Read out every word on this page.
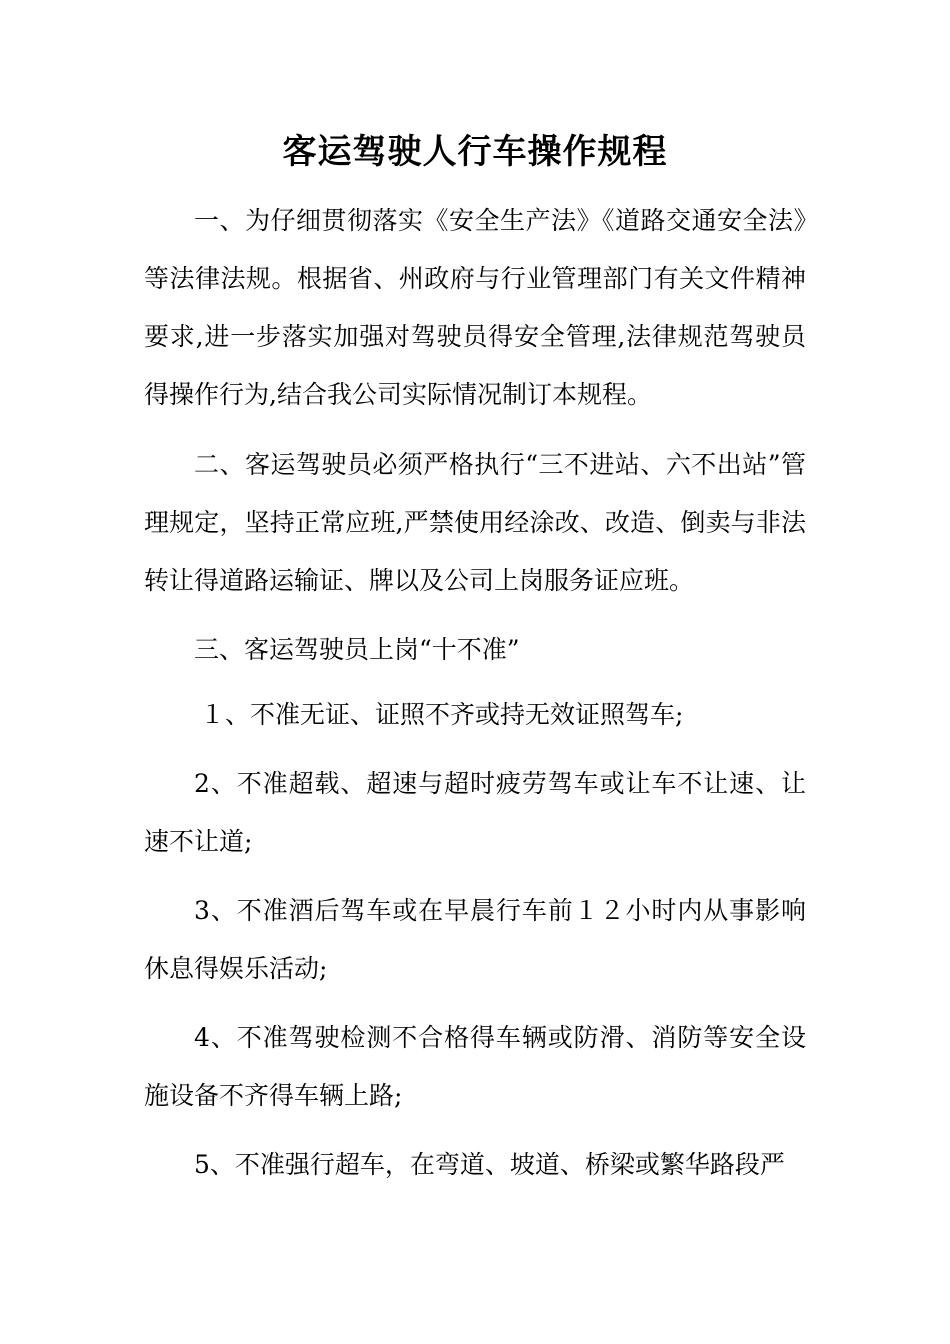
客运驾驶人行车操作规程

一、为仔细贯彻落实《安全生产法》《道路交通安全法》等法律法规。根据省、州政府与行业管理部门有关文件精神要求,进一步落实加强对驾驶员得安全管理,法律规范驾驶员得操作行为,结合我公司实际情况制订本规程。

二、客运驾驶员必须严格执行“三不进站、六不出站”管理规定，坚持正常应班,严禁使用经涂改、改造、倒卖与非法转让得道路运输证、牌以及公司上岗服务证应班。

三、客运驾驶员上岗“十不准”

１、不准无证、证照不齐或持无效证照驾车;

2、不准超载、超速与超时疲劳驾车或让车不让速、让速不让道;

3、不准酒后驾车或在早晨行车前１２小时内从事影响休息得娱乐活动;

4、不准驾驶检测不合格得车辆或防滑、消防等安全设施设备不齐得车辆上路;

5、不准强行超车，在弯道、坡道、桥梁或繁华路段严
